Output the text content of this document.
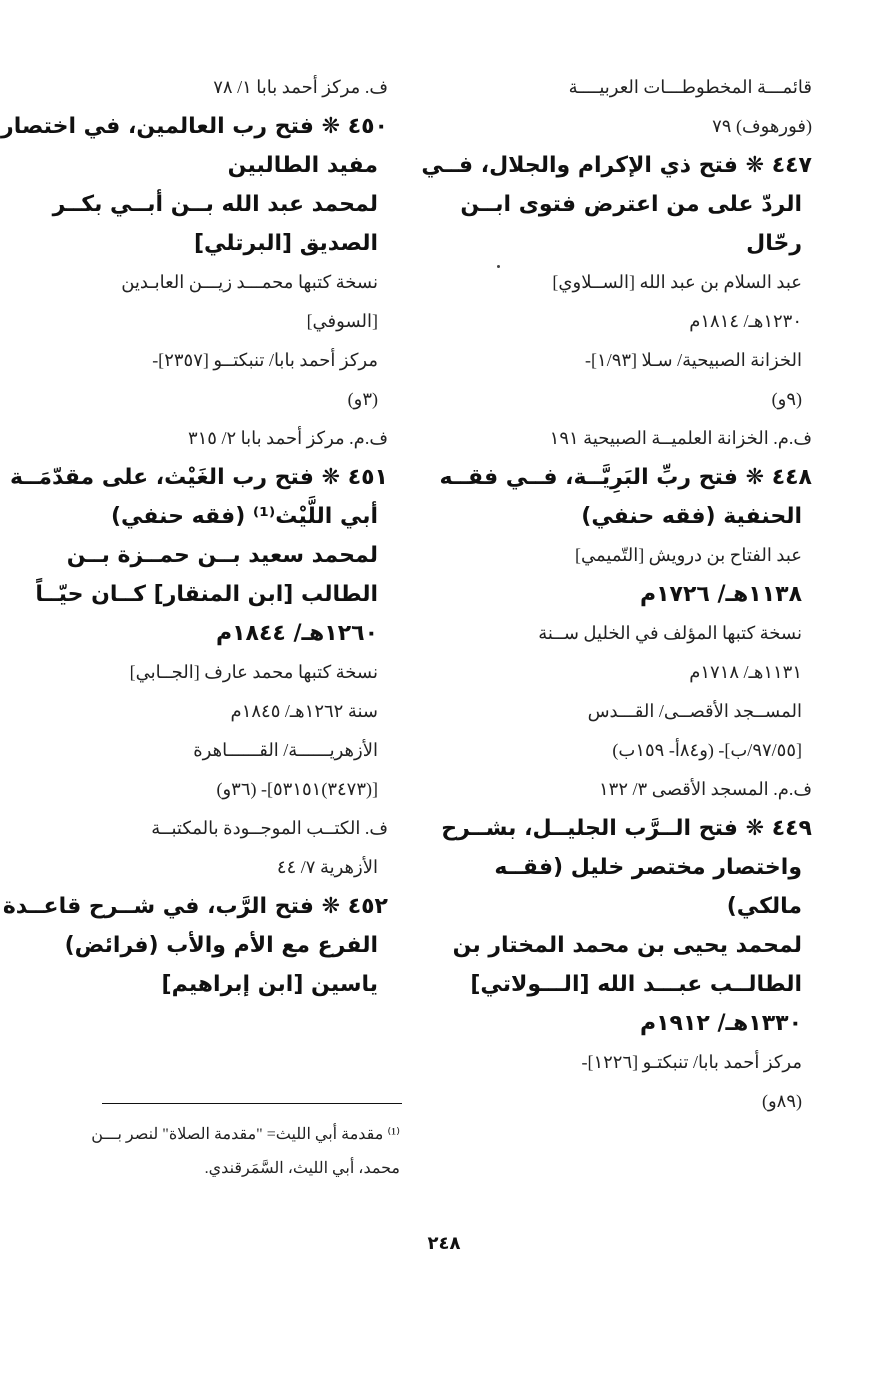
قائمـــة المخطوطـــات العربيــــة
(فورهوف) ٧٩
٤٤٧ ❋ فتح ذي الإكرام والجلال، فــي
الردّ على من اعترض فتوى ابــن
رحّال
عبد السلام بن عبد الله [الســلاوي]
١٢٣٠هـ/ ١٨١٤م
الخزانة الصبيحية/ سـلا [١/٩٣]-
(٩و)
ف.م. الخزانة العلميــة الصبيحية ١٩١
٤٤٨ ❋ فتح ربِّ البَرِيَّــة، فــي فقــه
الحنفية (فقه حنفي)
عبد الفتاح بن درويش [التّميمي]
١١٣٨هـ/ ١٧٢٦م
نسخة كتبها المؤلف في الخليل ســنة
١١٣١هـ/ ١٧١٨م
المســجد الأقصــى/ القـــدس
[٩٧/٥٥/ب]- (و٨٤أ- ١٥٩ب)
ف.م. المسجد الأقصى ٣/ ١٣٢
٤٤٩ ❋ فتح الــرَّب الجليــل، بشــرح
واختصار مختصر خليل (فقــه
مالكي)
لمحمد يحيى بن محمد المختار بن
الطالــب عبـــد الله [الـــولاتي]
١٣٣٠هـ/ ١٩١٢م
مركز أحمد بابا/ تنبكتـو [١٢٢٦]-
(٨٩و)
ف. مركز أحمد بابا ١/ ٧٨
٤٥٠ ❋ فتح رب العالمين، في اختصار
مفيد الطالبين
لمحمد عبد الله بــن أبــي بكــر
الصديق [البرتلي]
نسخة كتبها محمـــد زيـــن العابـدين
[السوفي]
مركز أحمد بابا/ تنبكتــو [٢٣٥٧]-
(٣و)
ف.م. مركز أحمد بابا ٢/ ٣١٥
٤٥١ ❋ فتح رب الغَيْث، على مقدّمَــة
أبي اللَّيْث⁽¹⁾ (فقه حنفي)
لمحمد سعيد بــن حمــزة بــن
الطالب [ابن المنقار] كــان حيّــاً
١٢٦٠هـ/ ١٨٤٤م
نسخة كتبها محمد عارف [الجــابي]
سنة ١٢٦٢هـ/ ١٨٤٥م
الأزهريــــــة/ القــــــاهرة
[(٣٤٧٣)٥٣١٥١]- (٣٦و)
ف. الكتــب الموجــودة بالمكتبــة
الأزهرية ٧/ ٤٤
٤٥٢ ❋ فتح الرَّب، في شــرح قاعــدة
الفرع مع الأم والأب (فرائض)
ياسين [ابن إبراهيم]
⁽¹⁾ مقدمة أبي الليث= "مقدمة الصلاة" لنصر بـــن
محمد، أبي الليث، السَّمَرقندي.
٢٤٨
